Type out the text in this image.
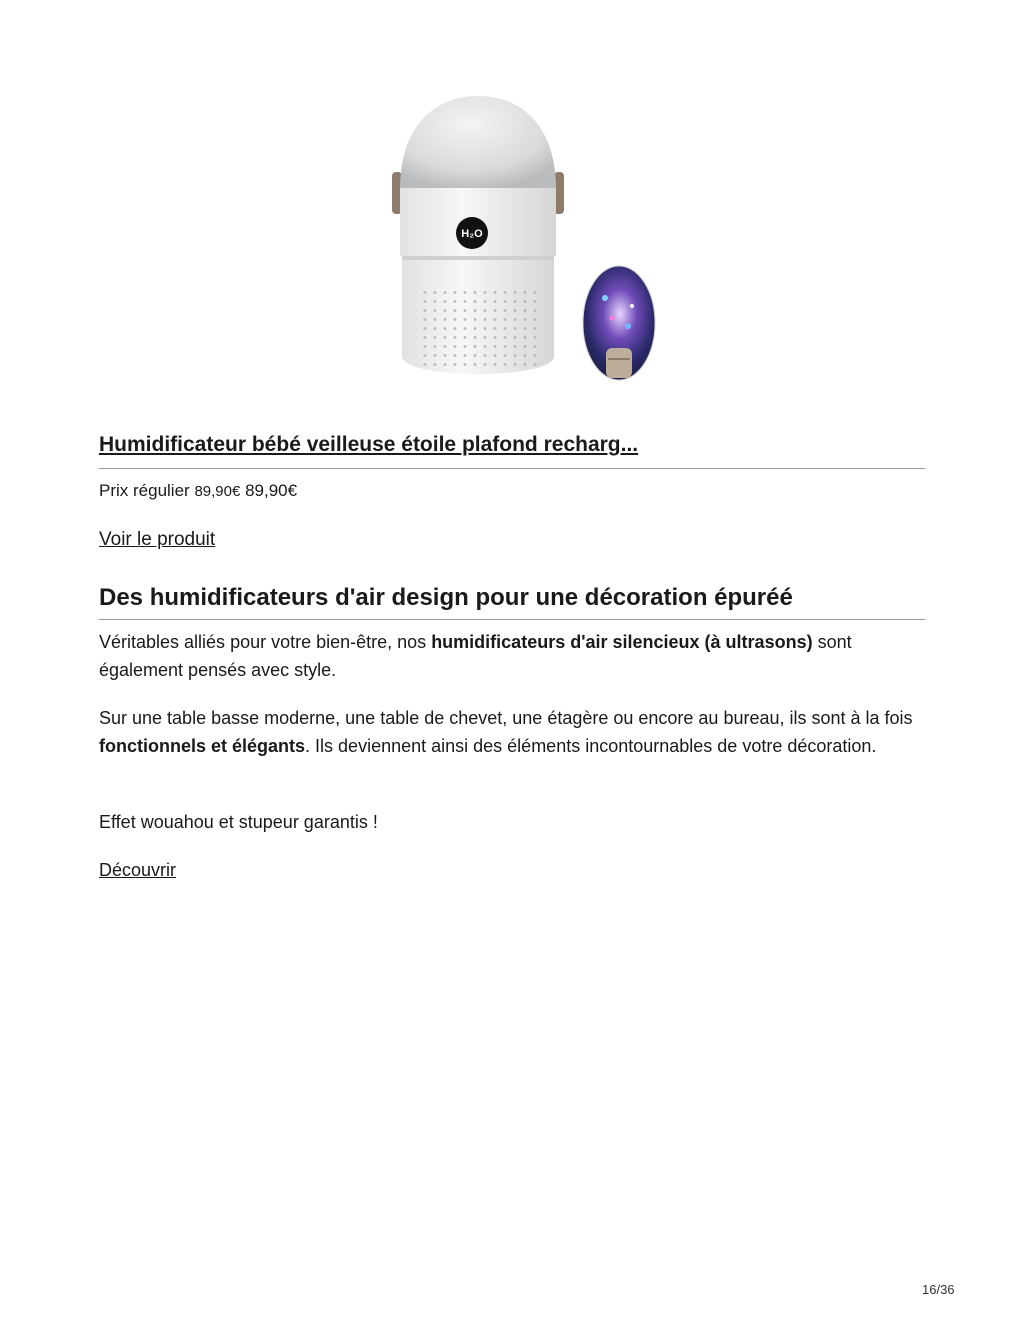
H₂O
Humidificateur bébé veilleuse étoile plafond recharg...
Prix régulier 89,90€ 89,90€
Voir le produit
Des humidificateurs d'air design pour une décoration épuréé

Véritables alliés pour votre bien-être, nos humidificateurs d'air silencieux (à ultrasons) sont également pensés avec style.

Sur une table basse moderne, une table de chevet, une étagère ou encore au bureau, ils sont à la fois fonctionnels et élégants. Ils deviennent ainsi des éléments incontournables de votre décoration.

Effet wouahou et stupeur garantis !

Découvrir
16/36
